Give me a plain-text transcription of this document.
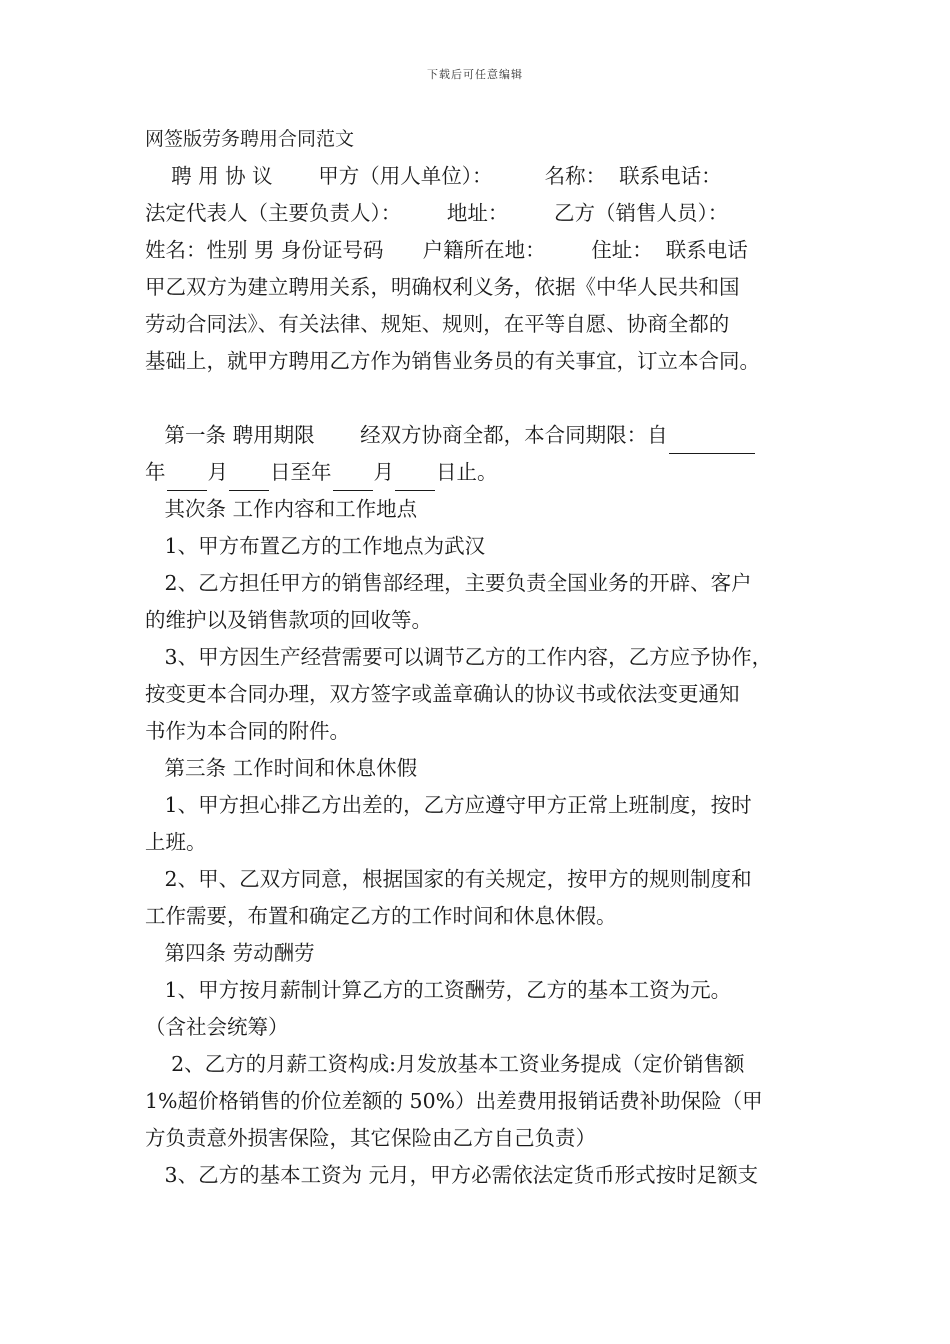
下载后可任意编辑
网签版劳务聘用合同范文
聘 用 协 议       甲方（用人单位）：        名称：  联系电话：
法定代表人（主要负责人）：       地址：       乙方（销售人员）：
姓名：性别 男 身份证号码      户籍所在地：       住址：  联系电话
甲乙双方为建立聘用关系，明确权利义务，依据《中华人民共和国
劳动合同法》、有关法律、规矩、规则，在平等自愿、协商全都的
基础上，就甲方聘用乙方作为销售业务员的有关事宜，订立本合同。
第一条 聘用期限       经双方协商全都，本合同期限：自
年 月 日至年 月 日止。
其次条 工作内容和工作地点
1、甲方布置乙方的工作地点为武汉
2、乙方担任甲方的销售部经理，主要负责全国业务的开辟、客户
的维护以及销售款项的回收等。
3、甲方因生产经营需要可以调节乙方的工作内容，乙方应予协作，
按变更本合同办理，双方签字或盖章确认的协议书或依法变更通知
书作为本合同的附件。
第三条 工作时间和休息休假
1、甲方担心排乙方出差的，乙方应遵守甲方正常上班制度，按时
上班。
2、甲、乙双方同意，根据国家的有关规定，按甲方的规则制度和
工作需要，布置和确定乙方的工作时间和休息休假。
第四条 劳动酬劳
1、甲方按月薪制计算乙方的工资酬劳，乙方的基本工资为元。
（含社会统筹）
2、乙方的月薪工资构成:月发放基本工资业务提成（定价销售额
1%超价格销售的价位差额的 50%）出差费用报销话费补助保险（甲
方负责意外损害保险，其它保险由乙方自己负责）
3、乙方的基本工资为 元月，甲方必需依法定货币形式按时足额支
